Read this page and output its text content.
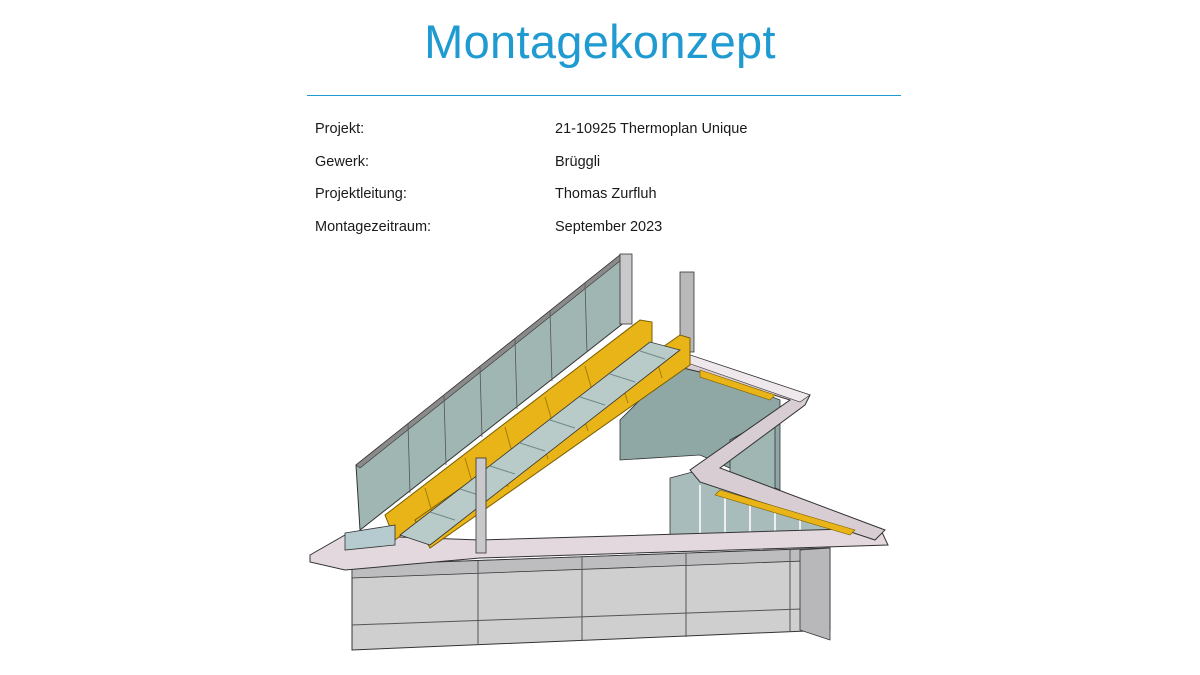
Montagekonzept
Projekt:	21-10925 Thermoplan Unique
Gewerk:	Brüggli
Projektleitung:	Thomas Zurfluh
Montagezeitraum:	September 2023
